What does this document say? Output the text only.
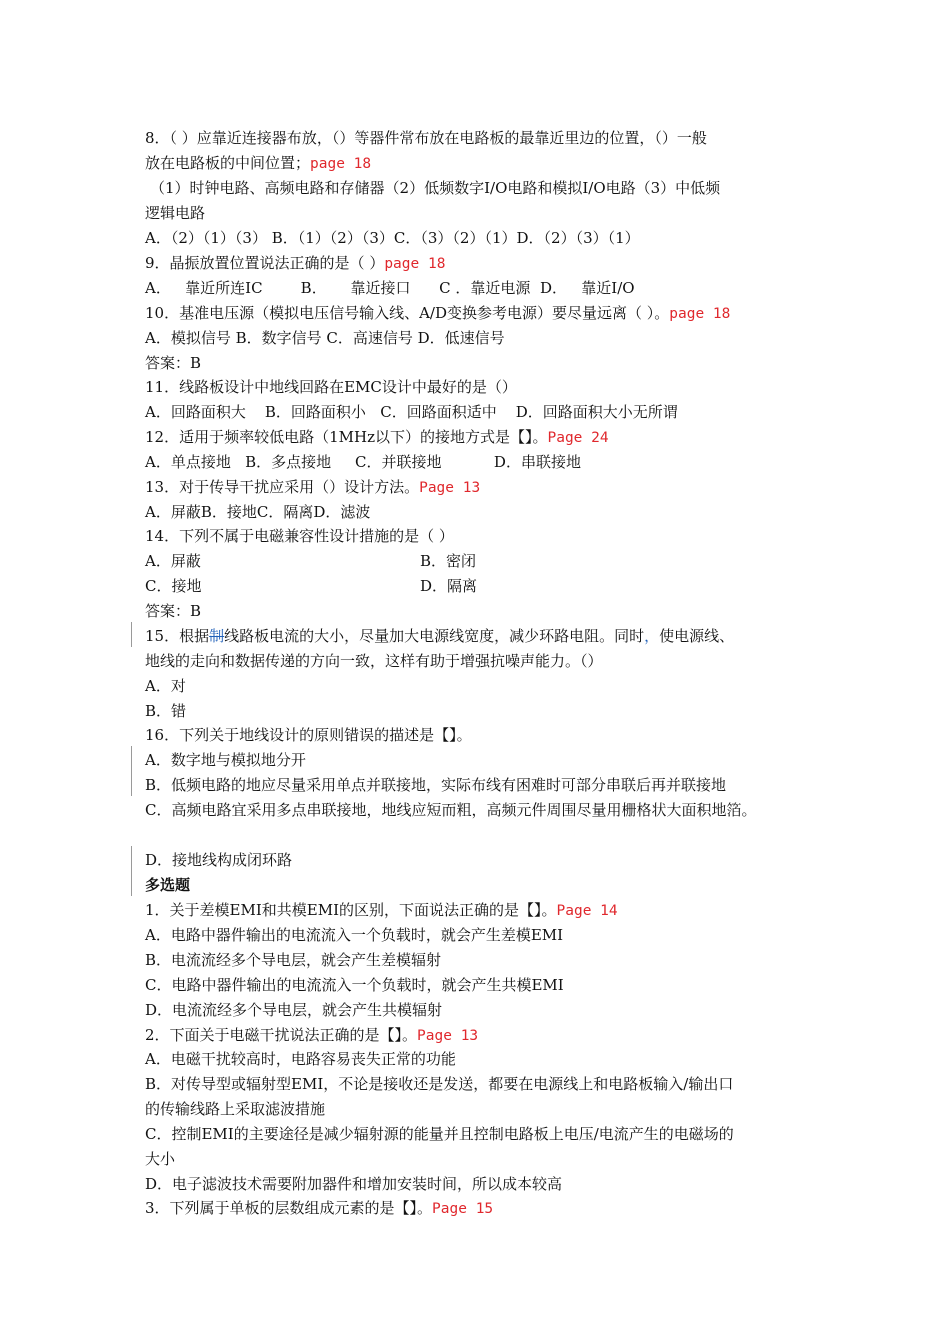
8．（ ）应靠近连接器布放，（）等器件常布放在电路板的最靠近里边的位置，（）一般
放在电路板的中间位置；page 18
（1）时钟电路、高频电路和存储器（2）低频数字I/O电路和模拟I/O电路（3）中低频
逻辑电路
A．（2）（1）（3） B．（1）（2）（3）C．（3）（2）（1）D．（2）（3）（1）
9．晶振放置位置说法正确的是（ ）page 18
A．   靠近所连IC        B．     靠近接口      C ．靠近电源  D．   靠近I/O
10．基准电压源（模拟电压信号输入线、A/D变换参考电源）要尽量远离（ ）。page 18
A．模拟信号 B．数字信号 C．高速信号 D．低速信号
答案：B
11．线路板设计中地线回路在EMC设计中最好的是（）
A．回路面积大    B．回路面积小   C．回路面积适中    D．回路面积大小无所谓
12．适用于频率较低电路（1MHz以下）的接地方式是【】。Page 24
A．单点接地   B．多点接地     C．并联接地           D．串联接地
13．对于传导干扰应采用（）设计方法。Page 13
A．屏蔽B．接地C．隔离D．滤波
14．下列不属于电磁兼容性设计措施的是（ ）
A．屏蔽	B．密闭
C．接地	D．隔离
答案：B
15．根据制线路板电流的大小，尽量加大电源线宽度，减少环路电阻。同时，使电源线、
地线的走向和数据传递的方向一致，这样有助于增强抗噪声能力。（）
A．对
B．错
16．下列关于地线设计的原则错误的描述是【】。
A．数字地与模拟地分开
B．低频电路的地应尽量采用单点并联接地，实际布线有困难时可部分串联后再并联接地
C．高频电路宜采用多点串联接地，地线应短而粗，高频元件周围尽量用栅格状大面积地箔。
D．接地线构成闭环路
多选题
1．关于差模EMI和共模EMI的区别，下面说法正确的是【】。Page 14
A．电路中器件输出的电流流入一个负载时，就会产生差模EMI
B．电流流经多个导电层，就会产生差模辐射
C．电路中器件输出的电流流入一个负载时，就会产生共模EMI
D．电流流经多个导电层，就会产生共模辐射
2．下面关于电磁干扰说法正确的是【】。Page 13
A．电磁干扰较高时，电路容易丧失正常的功能
B．对传导型或辐射型EMI，不论是接收还是发送，都要在电源线上和电路板输入/输出口
的传输线路上采取滤波措施
C．控制EMI的主要途径是减少辐射源的能量并且控制电路板上电压/电流产生的电磁场的
大小
D．电子滤波技术需要附加器件和增加安装时间，所以成本较高
3．下列属于单板的层数组成元素的是【】。Page 15
